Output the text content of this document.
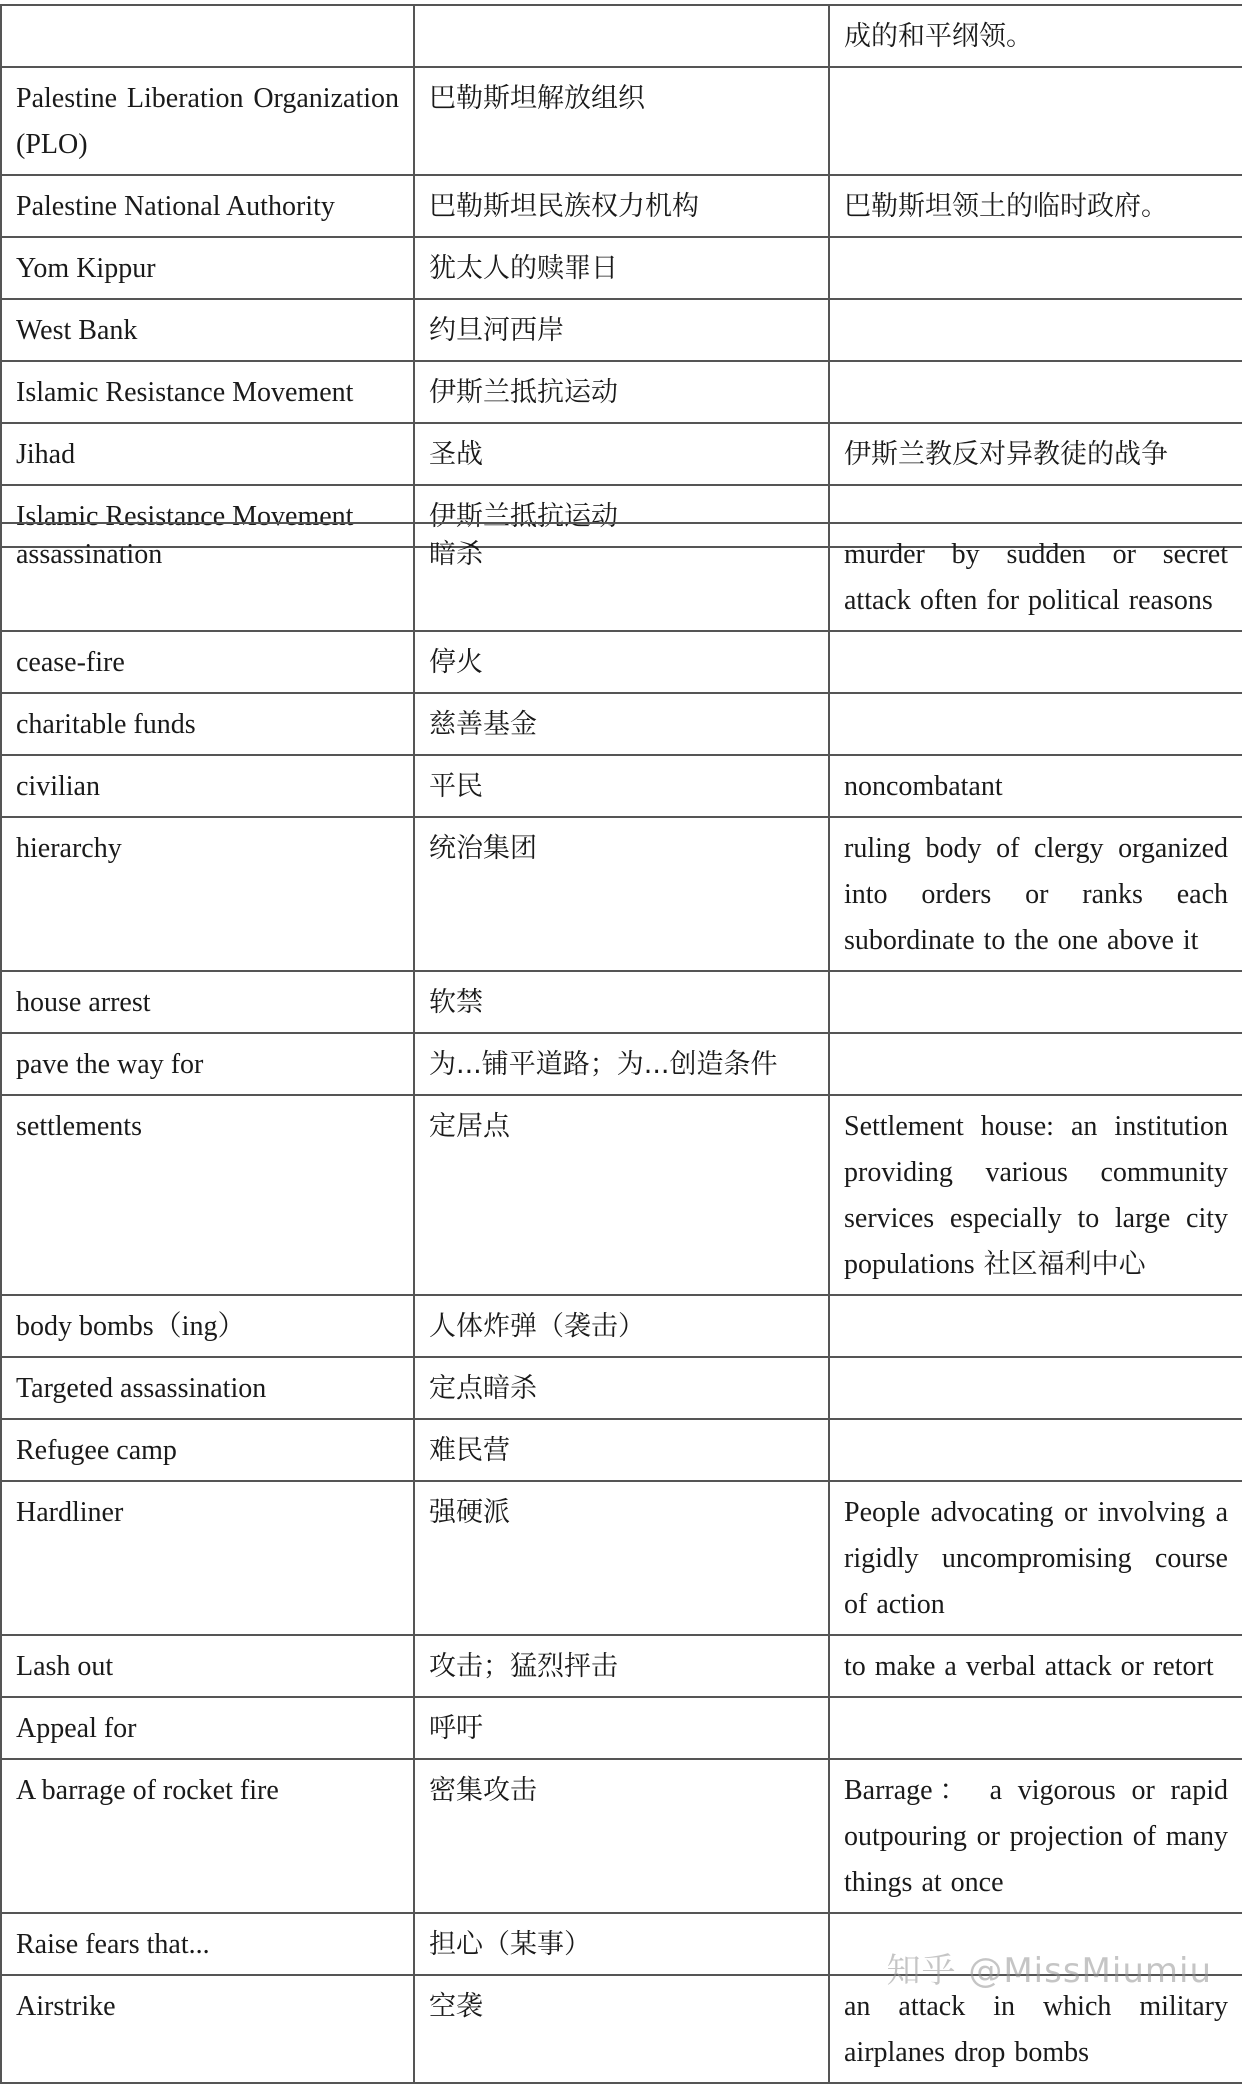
		成的和平纲领。
Palestine Liberation Organization (PLO)	巴勒斯坦解放组织	
Palestine National Authority	巴勒斯坦民族权力机构	巴勒斯坦领土的临时政府。
Yom Kippur	犹太人的赎罪日	
West Bank	约旦河西岸	
Islamic Resistance Movement	伊斯兰抵抗运动	
Jihad	圣战	伊斯兰教反对异教徒的战争
Islamic Resistance Movement	伊斯兰抵抗运动	
assassination	暗杀	murder by sudden or secret attack often for political reasons
cease-fire	停火	
charitable funds	慈善基金	
civilian	平民	noncombatant
hierarchy	统治集团	ruling body of clergy organized into orders or ranks each subordinate to the one above it
house arrest	软禁	
pave the way for	为...铺平道路；为...创造条件	
settlements	定居点	Settlement house: an institution providing various community services especially to large city populations 社区福利中心
body bombs（ing）	人体炸弹（袭击）	
Targeted assassination	定点暗杀	
Refugee camp	难民营	
Hardliner	强硬派	People advocating or involving a rigidly uncompromising course of action
Lash out	攻击；猛烈抨击	to make a verbal attack or retort
Appeal for	呼吁	
A barrage of rocket fire	密集攻击	Barrage： a vigorous or rapid outpouring or projection of many things at once
Raise fears that...	担心（某事）	
Airstrike	空袭	an attack in which military airplanes drop bombs
知乎 @MissMiumiu
